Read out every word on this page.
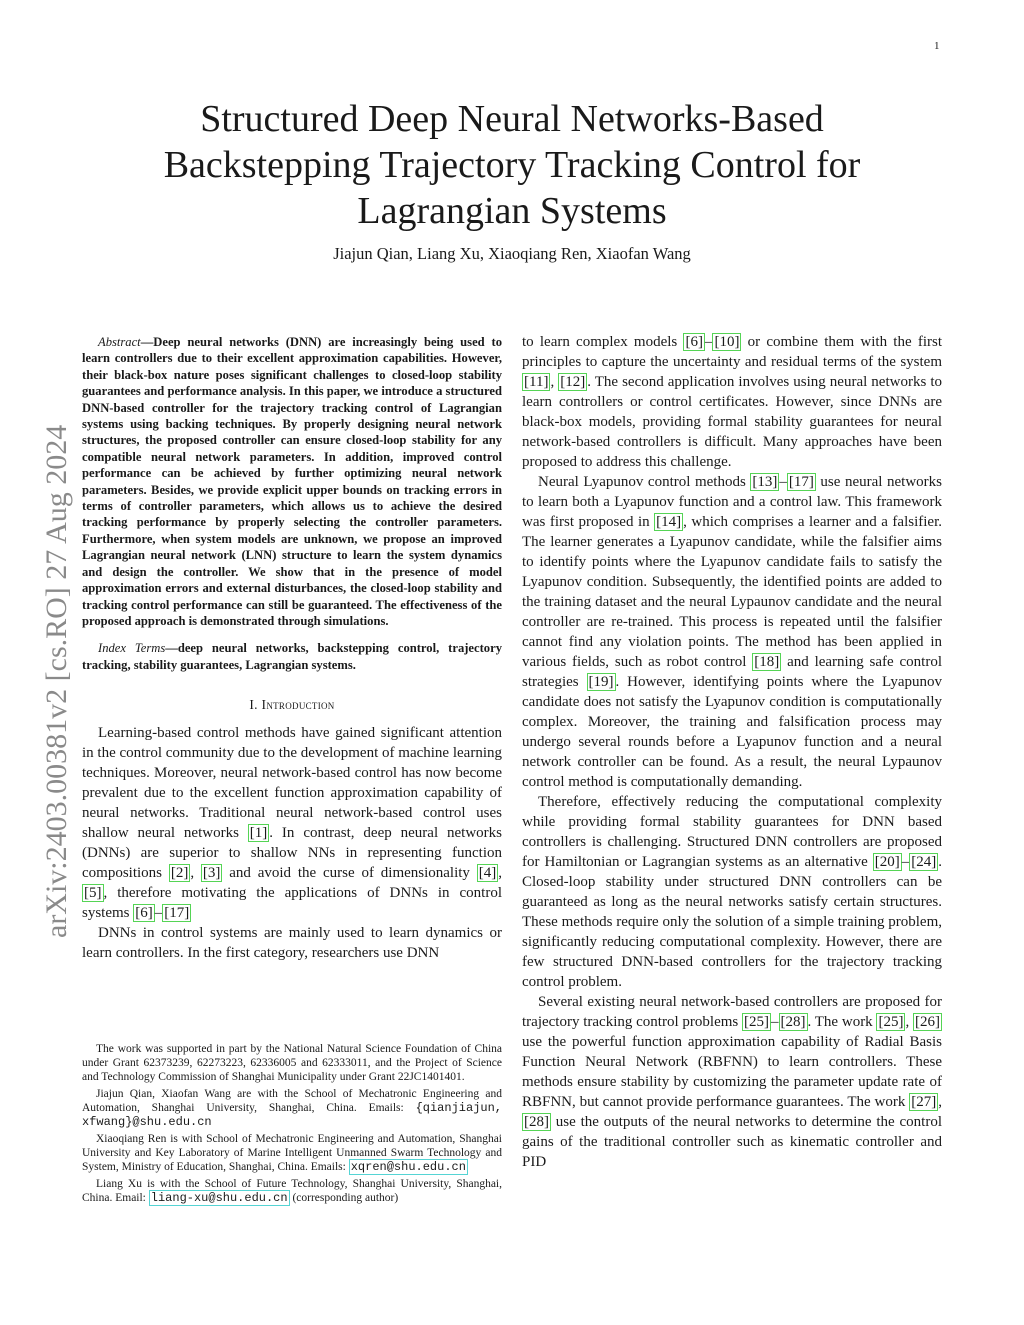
1
arXiv:2403.00381v2 [cs.RO] 27 Aug 2024
Structured Deep Neural Networks-Based Backstepping Trajectory Tracking Control for Lagrangian Systems
Jiajun Qian, Liang Xu, Xiaoqiang Ren, Xiaofan Wang

Abstract—Deep neural networks (DNN) are increasingly being used to learn controllers due to their excellent approximation capabilities. However, their black-box nature poses significant challenges to closed-loop stability guarantees and performance analysis. In this paper, we introduce a structured DNN-based controller for the trajectory tracking control of Lagrangian systems using backing techniques. By properly designing neural network structures, the proposed controller can ensure closed-loop stability for any compatible neural network parameters. In addition, improved control performance can be achieved by further optimizing neural network parameters. Besides, we provide explicit upper bounds on tracking errors in terms of controller parameters, which allows us to achieve the desired tracking performance by properly selecting the controller parameters. Furthermore, when system models are unknown, we propose an improved Lagrangian neural network (LNN) structure to learn the system dynamics and design the controller. We show that in the presence of model approximation errors and external disturbances, the closed-loop stability and tracking control performance can still be guaranteed. The effectiveness of the proposed approach is demonstrated through simulations.

Index Terms—deep neural networks, backstepping control, trajectory tracking, stability guarantees, Lagrangian systems.

I. Introduction

Learning-based control methods have gained significant attention in the control community due to the development of machine learning techniques. Moreover, neural network-based control has now become prevalent due to the excellent function approximation capability of neural networks. Traditional neural network-based control uses shallow neural networks [1] . In contrast, deep neural networks (DNNs) are superior to shallow NNs in representing function compositions [2] , [3] and avoid the curse of dimensionality [4] , [5] , therefore motivating the applications of DNNs in control systems [6] – [17]

DNNs in control systems are mainly used to learn dynamics or learn controllers. In the first category, researchers use DNN

The work was supported in part by the National Natural Science Foundation of China under Grant 62373239, 62273223, 62336005 and 62333011, and the Project of Science and Technology Commission of Shanghai Municipality under Grant 22JC1401401.

Jiajun Qian, Xiaofan Wang are with the School of Mechatronic Engineering and Automation, Shanghai University, Shanghai, China. Emails: {qianjiajun, xfwang}@shu.edu.cn

Xiaoqiang Ren is with School of Mechatronic Engineering and Automation, Shanghai University and Key Laboratory of Marine Intelligent Unmanned Swarm Technology and System, Ministry of Education, Shanghai, China. Emails: xqren@shu.edu.cn

Liang Xu is with the School of Future Technology, Shanghai University, Shanghai, China. Email: liang-xu@shu.edu.cn (corresponding author)

to learn complex models [6] – [10] or combine them with the first principles to capture the uncertainty and residual terms of the system [11] , [12] . The second application involves using neural networks to learn controllers or control certificates. However, since DNNs are black-box models, providing formal stability guarantees for neural network-based controllers is difficult. Many approaches have been proposed to address this challenge.

Neural Lyapunov control methods [13] – [17] use neural networks to learn both a Lyapunov function and a control law. This framework was first proposed in [14] , which comprises a learner and a falsifier. The learner generates a Lyapunov candidate, while the falsifier aims to identify points where the Lyapunov candidate fails to satisfy the Lyapunov condition. Subsequently, the identified points are added to the training dataset and the neural Lypaunov candidate and the neural controller are re-trained. This process is repeated until the falsifier cannot find any violation points. The method has been applied in various fields, such as robot control [18] and learning safe control strategies [19] . However, identifying points where the Lyapunov candidate does not satisfy the Lyapunov condition is computationally complex. Moreover, the training and falsification process may undergo several rounds before a Lyapunov function and a neural network controller can be found. As a result, the neural Lypaunov control method is computationally demanding.

Therefore, effectively reducing the computational complexity while providing formal stability guarantees for DNN based controllers is challenging. Structured DNN controllers are proposed for Hamiltonian or Lagrangian systems as an alternative [20] – [24] . Closed-loop stability under structured DNN controllers can be guaranteed as long as the neural networks satisfy certain structures. These methods require only the solution of a simple training problem, significantly reducing computational complexity. However, there are few structured DNN-based controllers for the trajectory tracking control problem.

Several existing neural network-based controllers are proposed for trajectory tracking control problems [25] – [28] . The work [25] , [26] use the powerful function approximation capability of Radial Basis Function Neural Network (RBFNN) to learn controllers. These methods ensure stability by customizing the parameter update rate of RBFNN, but cannot provide performance guarantees. The work [27] , [28] use the outputs of the neural networks to determine the control gains of the traditional controller such as kinematic controller and PID
